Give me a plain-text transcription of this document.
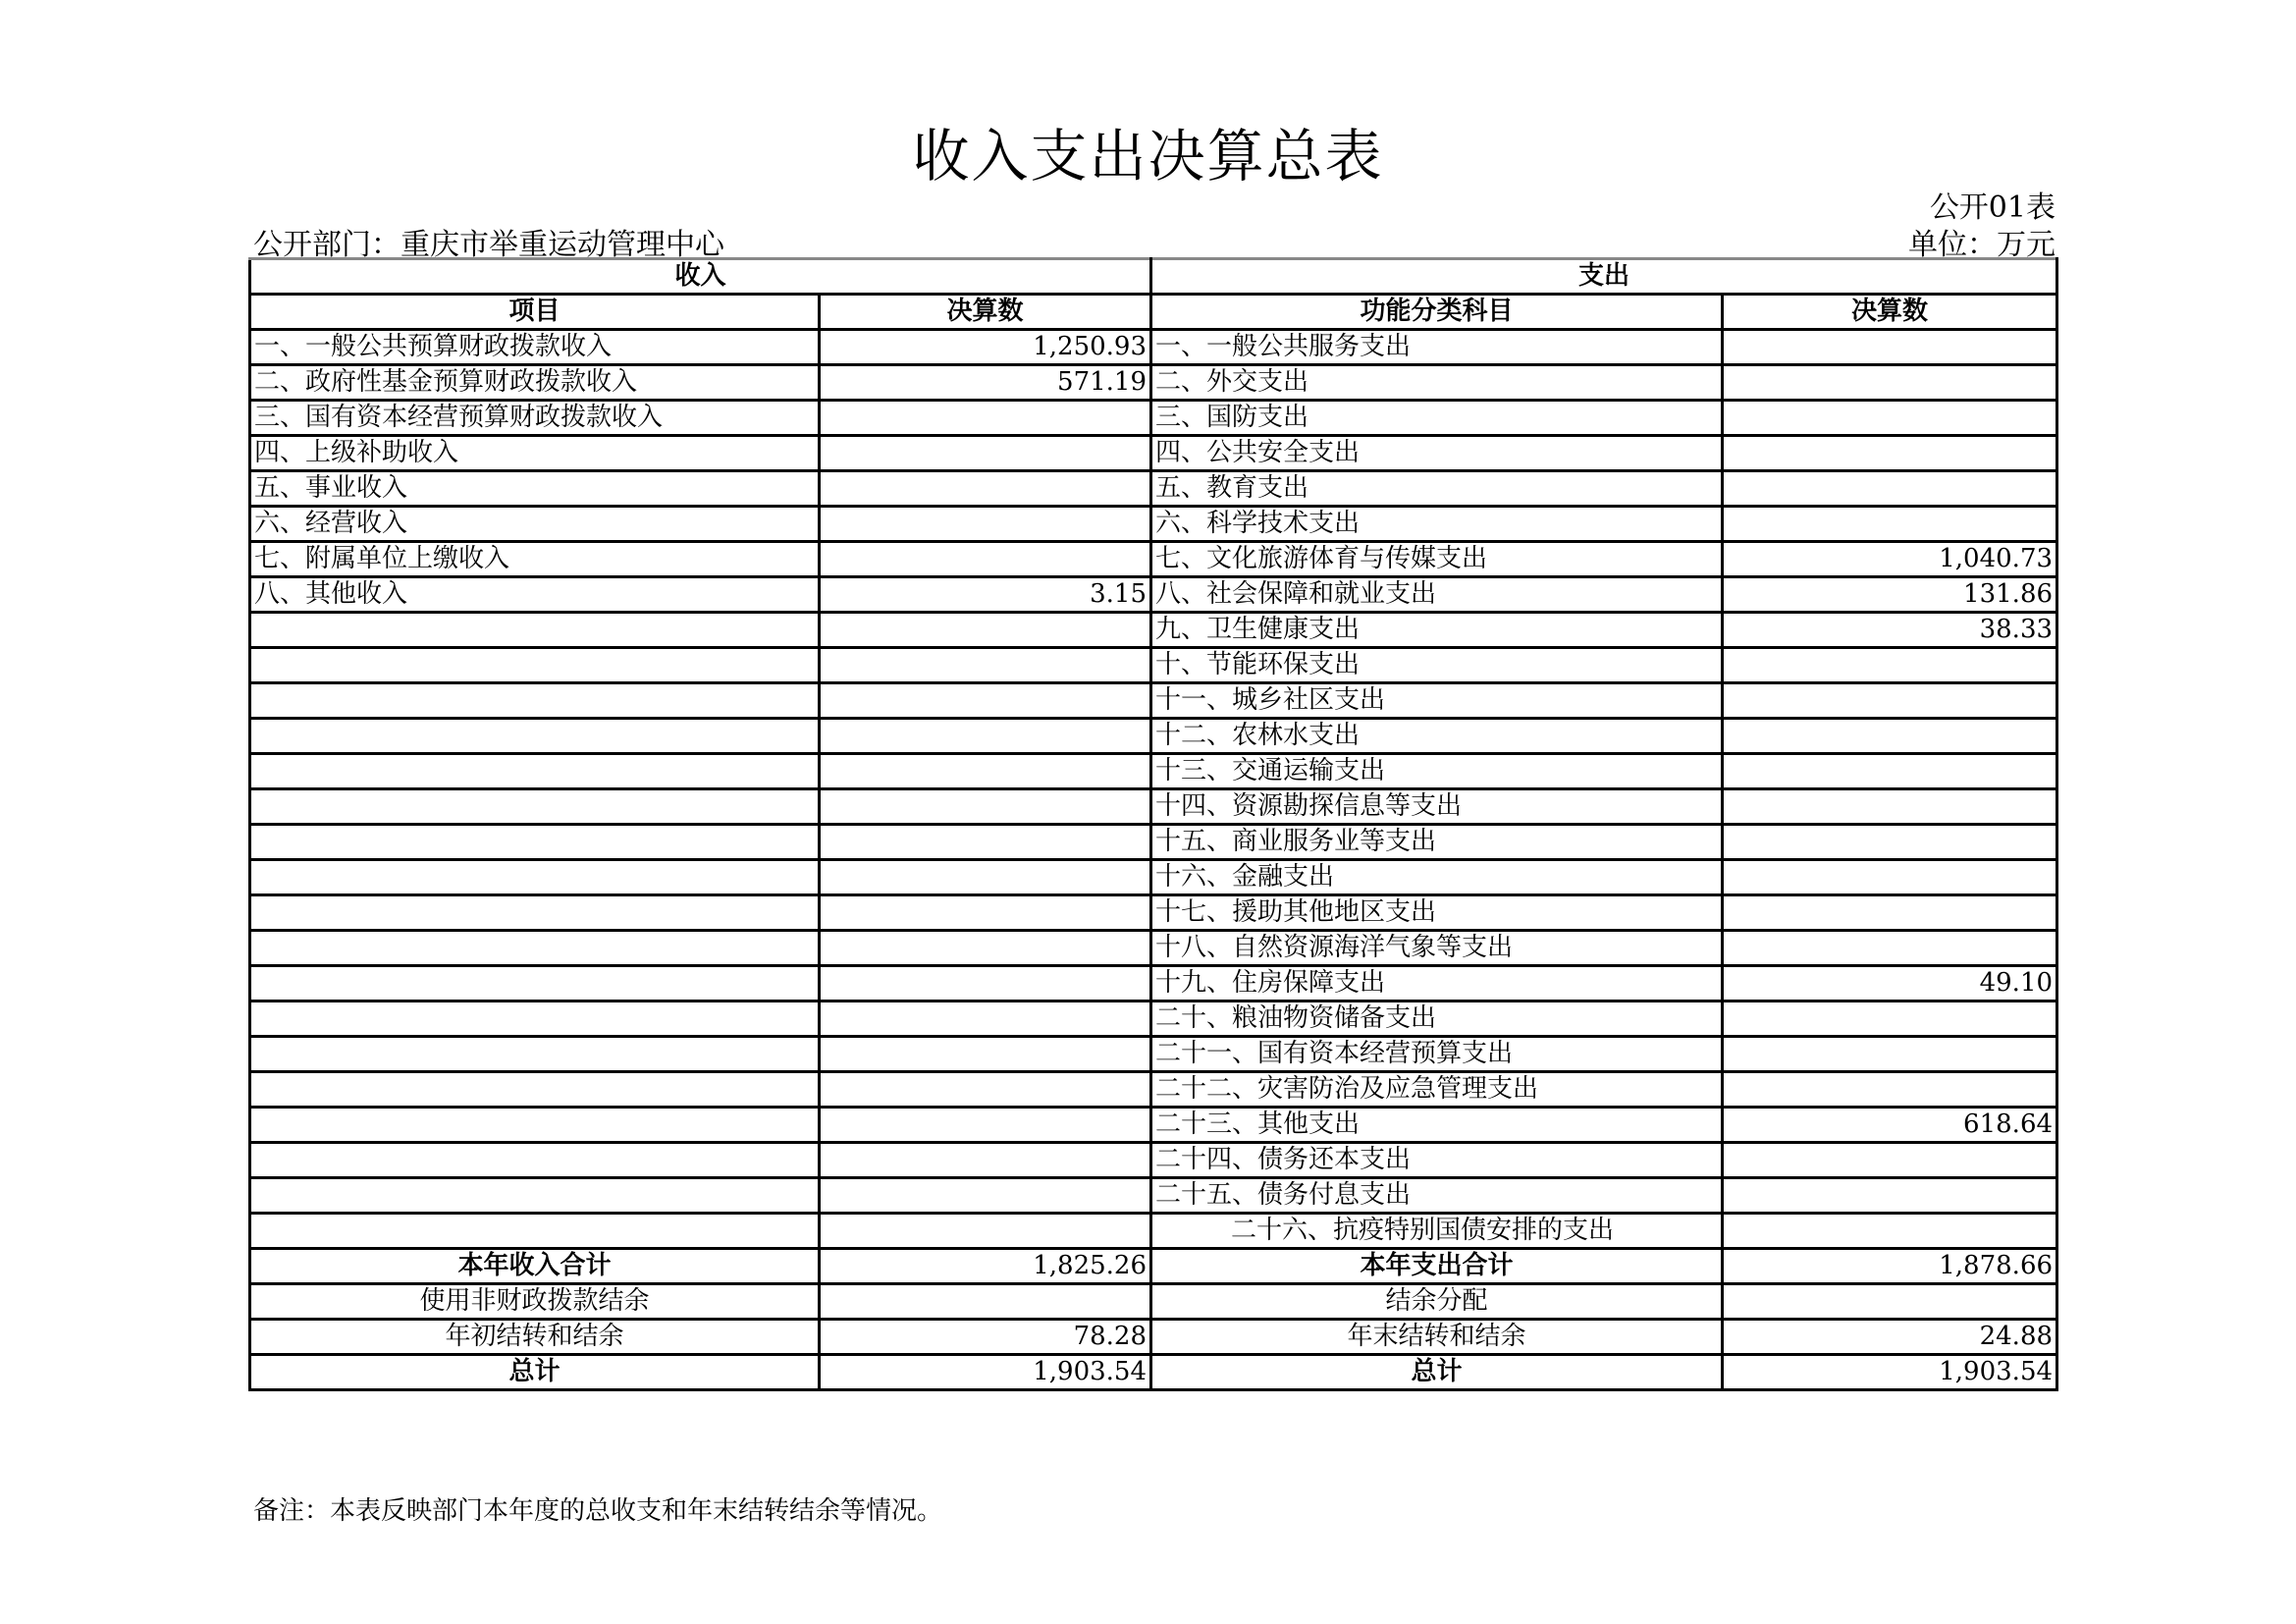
收入支出决算总表
公开01表
公开部门：重庆市举重运动管理中心	单位：万元
收入		支出	
项目	决算数	功能分类科目	决算数
一、一般公共预算财政拨款收入	1,250.93	一、一般公共服务支出	
二、政府性基金预算财政拨款收入	571.19	二、外交支出	
三、国有资本经营预算财政拨款收入		三、国防支出	
四、上级补助收入		四、公共安全支出	
五、事业收入		五、教育支出	
六、经营收入		六、科学技术支出	
七、附属单位上缴收入		七、文化旅游体育与传媒支出	1,040.73
八、其他收入	3.15	八、社会保障和就业支出	131.86
		九、卫生健康支出	38.33
		十、节能环保支出	
		十一、城乡社区支出	
		十二、农林水支出	
		十三、交通运输支出	
		十四、资源勘探信息等支出	
		十五、商业服务业等支出	
		十六、金融支出	
		十七、援助其他地区支出	
		十八、自然资源海洋气象等支出	
		十九、住房保障支出	49.10
		二十、粮油物资储备支出	
		二十一、国有资本经营预算支出	
		二十二、灾害防治及应急管理支出	
		二十三、其他支出	618.64
		二十四、债务还本支出	
		二十五、债务付息支出	
		二十六、抗疫特别国债安排的支出	
本年收入合计	1,825.26	本年支出合计	1,878.66
使用非财政拨款结余		结余分配	
年初结转和结余	78.28	年末结转和结余	24.88
总计	1,903.54	总计	1,903.54
备注：本表反映部门本年度的总收支和年末结转结余等情况。
